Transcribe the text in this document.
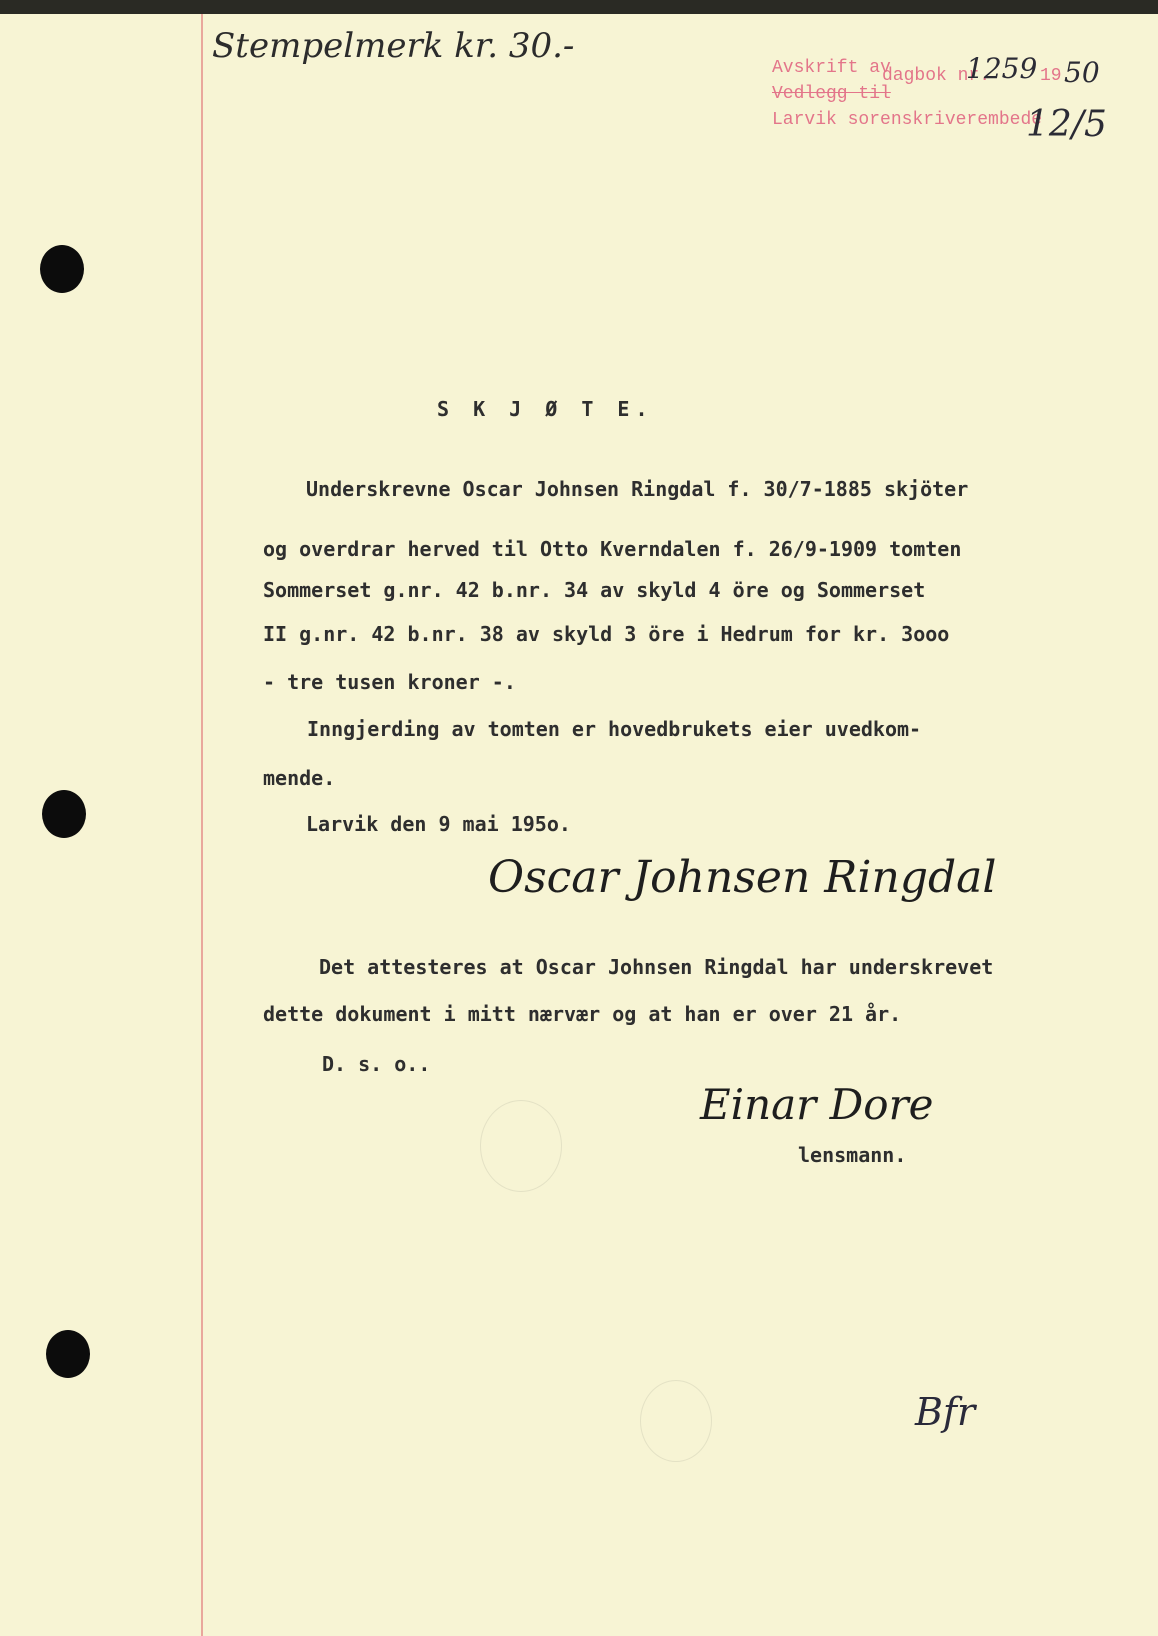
Stempelmerk kr. 30.-
Avskrift av
dagbok nr.
1259 19 50
Vedlegg til
Larvik sorenskriverembede
12/5
S K J Ø T E.
Underskrevne Oscar Johnsen Ringdal f. 30/7-1885 skjöter
og overdrar herved til Otto Kverndalen f. 26/9-1909 tomten
Sommerset g.nr. 42 b.nr. 34 av skyld 4 öre og Sommerset
II g.nr. 42 b.nr. 38 av skyld 3 öre i Hedrum for kr. 3ooo
- tre tusen kroner -.
Inngjerding av tomten er hovedbrukets eier uvedkom-
mende.
Larvik den 9 mai 195o.
Oscar Johnsen Ringdal
Det attesteres at Oscar Johnsen Ringdal har underskrevet
dette dokument i mitt nærvær og at han er over 21 år.
D. s. o..
Einar Dore
lensmann.
Bfr
